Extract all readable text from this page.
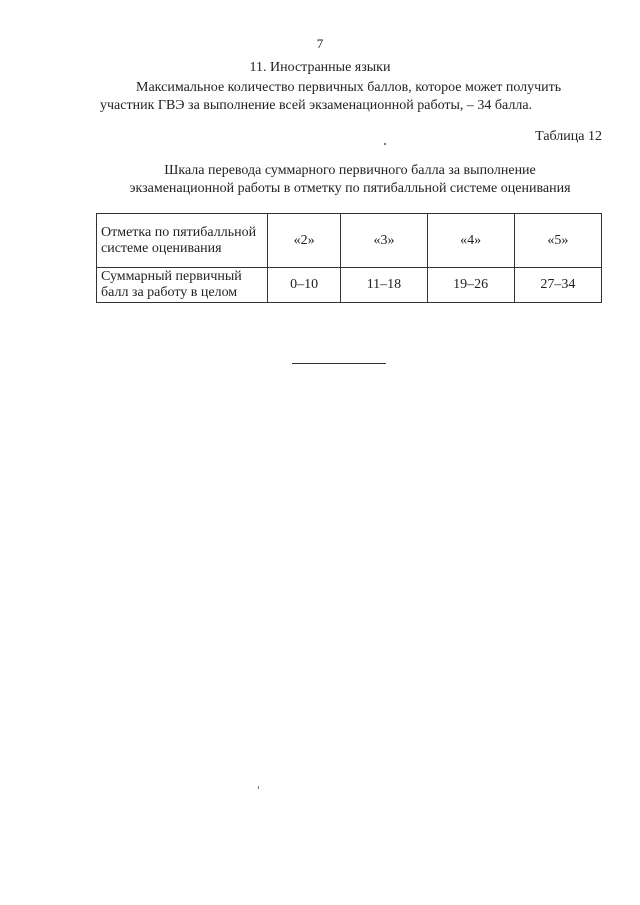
7
11. Иностранные языки
Максимальное количество первичных баллов, которое может получить
участник ГВЭ за выполнение всей экзаменационной работы, – 34 балла.
Таблица 12
Шкала перевода суммарного первичного балла за выполнение
экзаменационной работы в отметку по пятибалльной системе оценивания
Отметка по пятибалльной системе оценивания	«2»	«3»	«4»	«5»
Суммарный первичный балл за работу в целом	0–10	11–18	19–26	27–34
